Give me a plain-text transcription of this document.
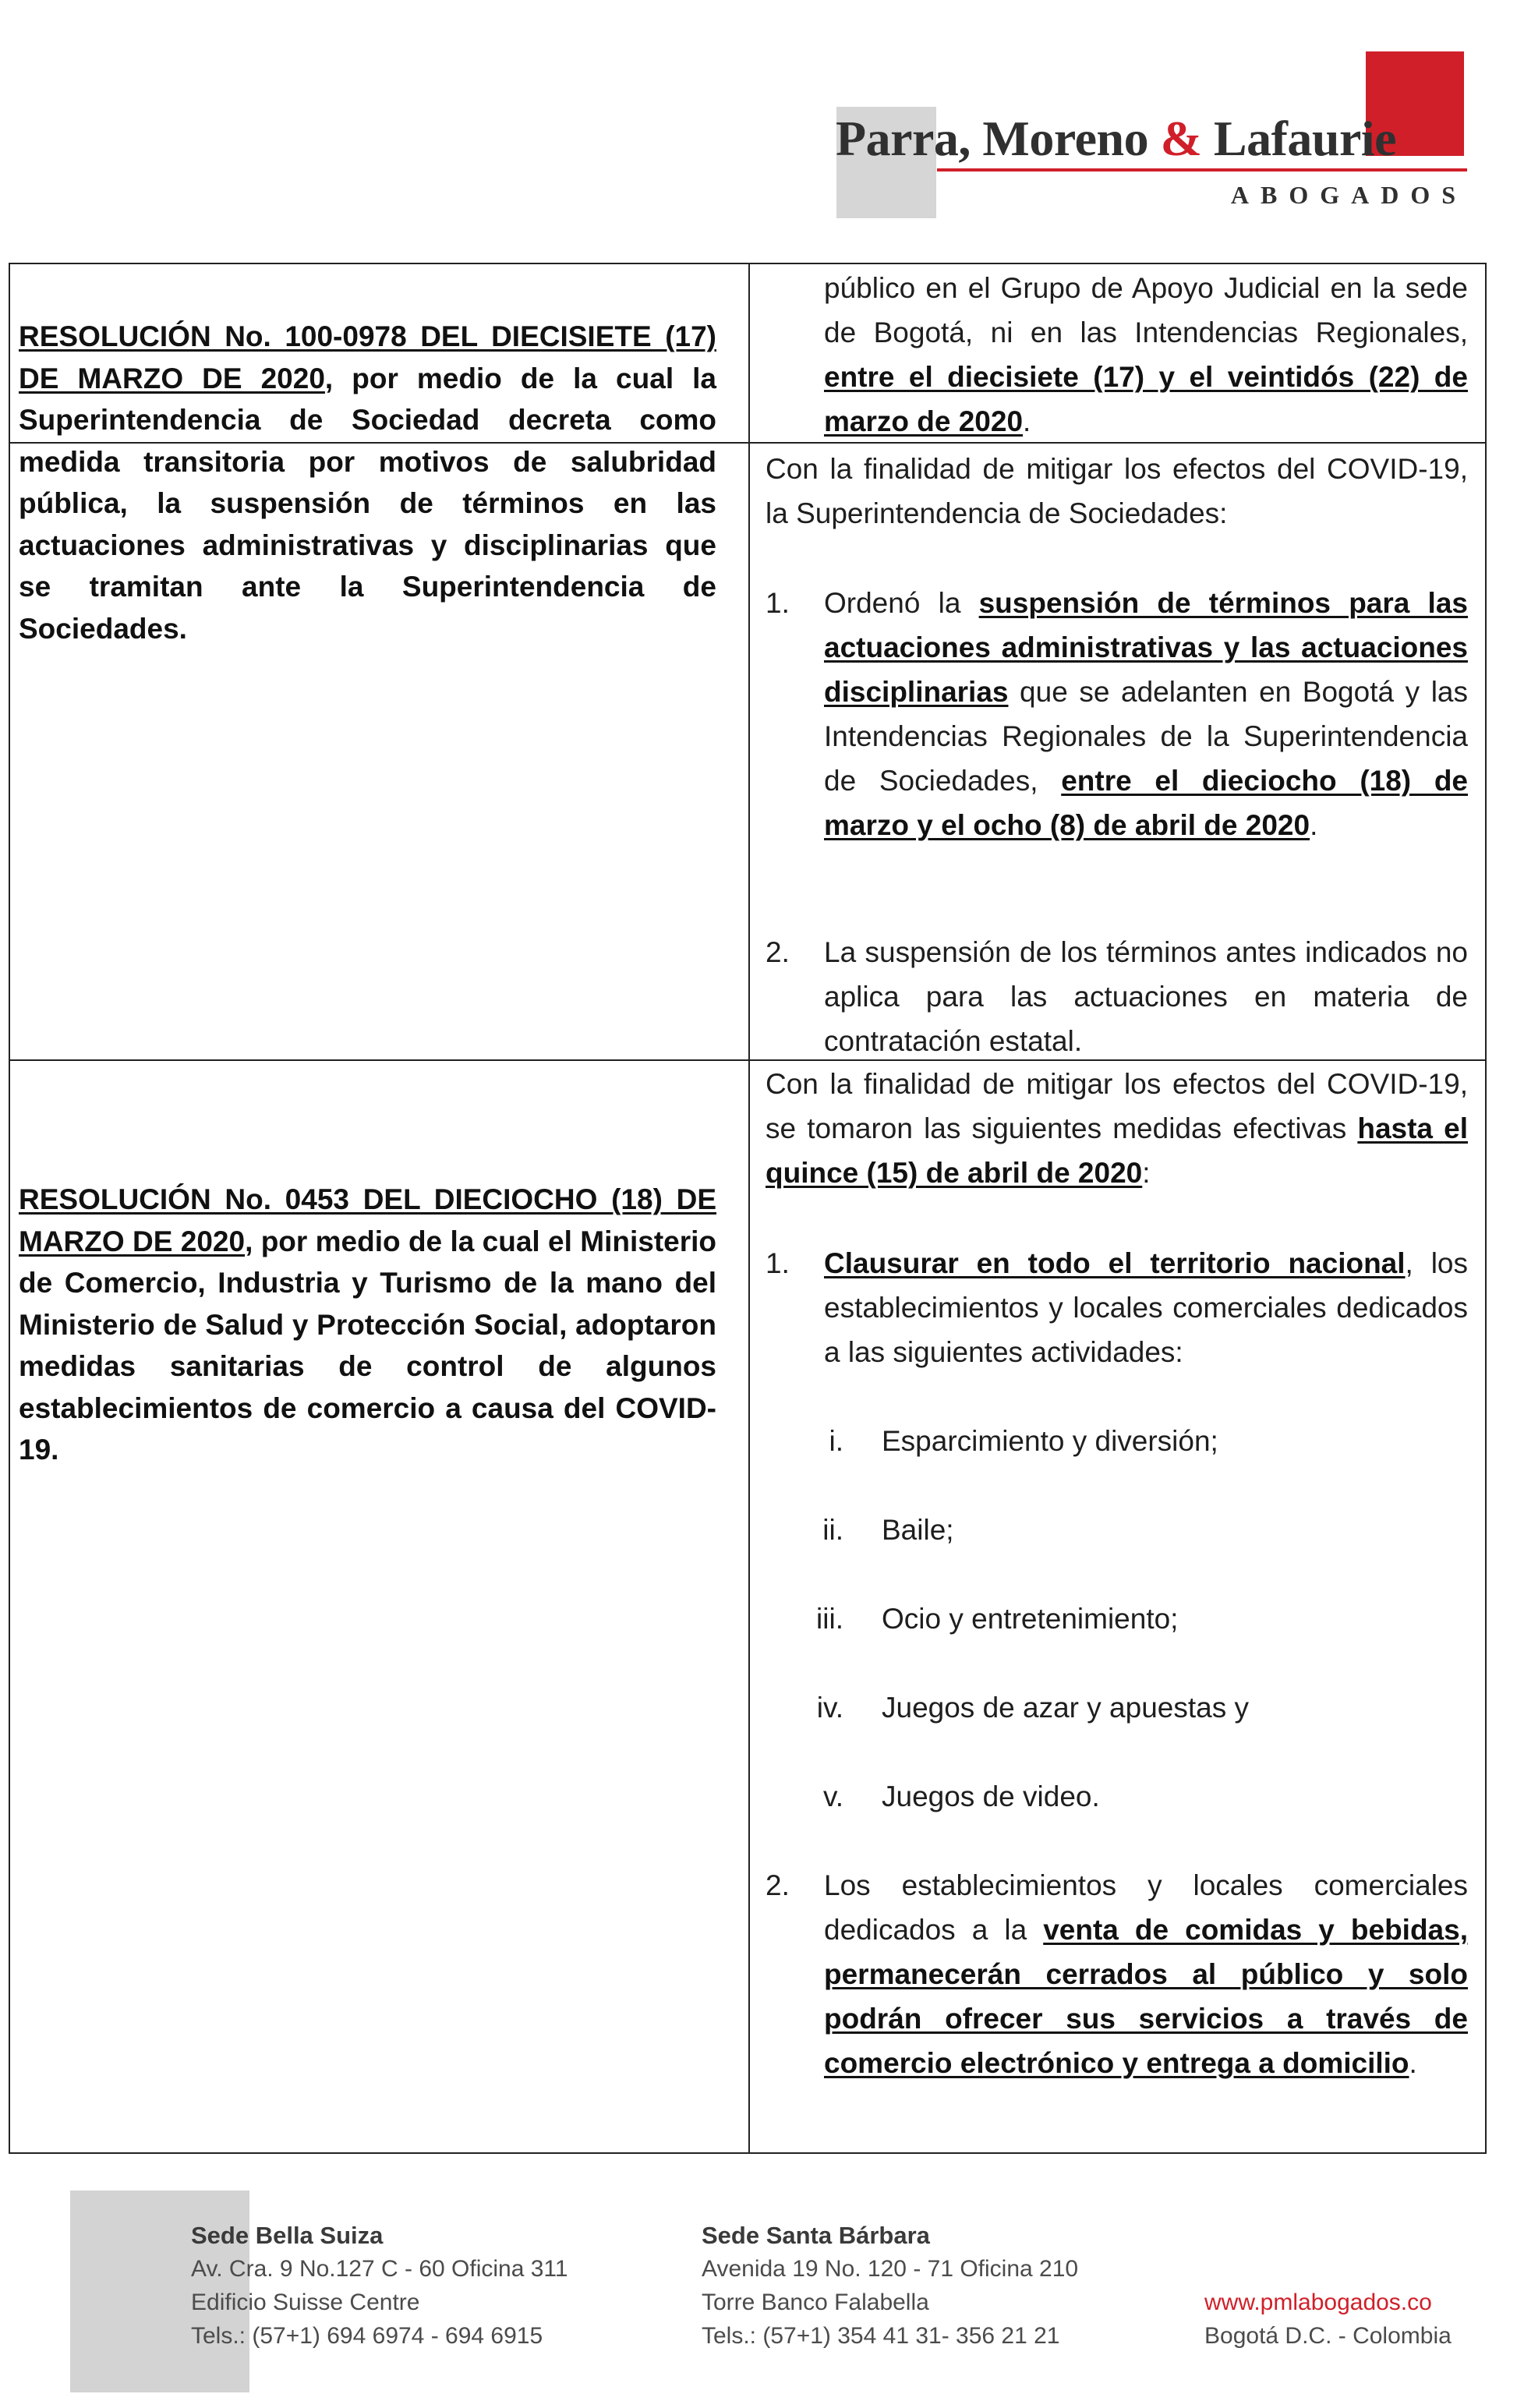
Parra, Moreno & Lafaurie
ABOGADOS
público en el Grupo de Apoyo Judicial en la sede de Bogotá, ni en las Intendencias Regionales, entre el diecisiete (17) y el veintidós (22) de marzo de 2020.
RESOLUCIÓN No. 100-0978 DEL DIECISIETE (17) DE MARZO DE 2020, por medio de la cual la Superintendencia de Sociedad decreta como medida transitoria por motivos de salubridad pública, la suspensión de términos en las actuaciones administrativas y disciplinarias que se tramitan ante la Superintendencia de Sociedades.
Con la finalidad de mitigar los efectos del COVID-19, la Superintendencia de Sociedades:
1. Ordenó la suspensión de términos para las actuaciones administrativas y las actuaciones disciplinarias que se adelanten en Bogotá y las Intendencias Regionales de la Superintendencia de Sociedades, entre el dieciocho (18) de marzo y el ocho (8) de abril de 2020.
2. La suspensión de los términos antes indicados no aplica para las actuaciones en materia de contratación estatal.
RESOLUCIÓN No. 0453 DEL DIECIOCHO (18) DE MARZO DE 2020, por medio de la cual el Ministerio de Comercio, Industria y Turismo de la mano del Ministerio de Salud y Protección Social, adoptaron medidas sanitarias de control de algunos establecimientos de comercio a causa del COVID-19.
Con la finalidad de mitigar los efectos del COVID-19, se tomaron las siguientes medidas efectivas hasta el quince (15) de abril de 2020:
1. Clausurar en todo el territorio nacional, los establecimientos y locales comerciales dedicados a las siguientes actividades:
i. Esparcimiento y diversión;
ii. Baile;
iii. Ocio y entretenimiento;
iv. Juegos de azar y apuestas y
v. Juegos de video.
2. Los establecimientos y locales comerciales dedicados a la venta de comidas y bebidas, permanecerán cerrados al público y solo podrán ofrecer sus servicios a través de comercio electrónico y entrega a domicilio.
Sede Bella Suiza
Av. Cra. 9 No.127 C - 60 Oficina 311
Edificio Suisse Centre
Tels.: (57+1) 694 6974 - 694 6915
Sede Santa Bárbara
Avenida 19 No. 120 - 71 Oficina 210
Torre Banco Falabella
Tels.: (57+1) 354 41 31- 356 21 21
www.pmlabogados.co
Bogotá D.C. - Colombia
